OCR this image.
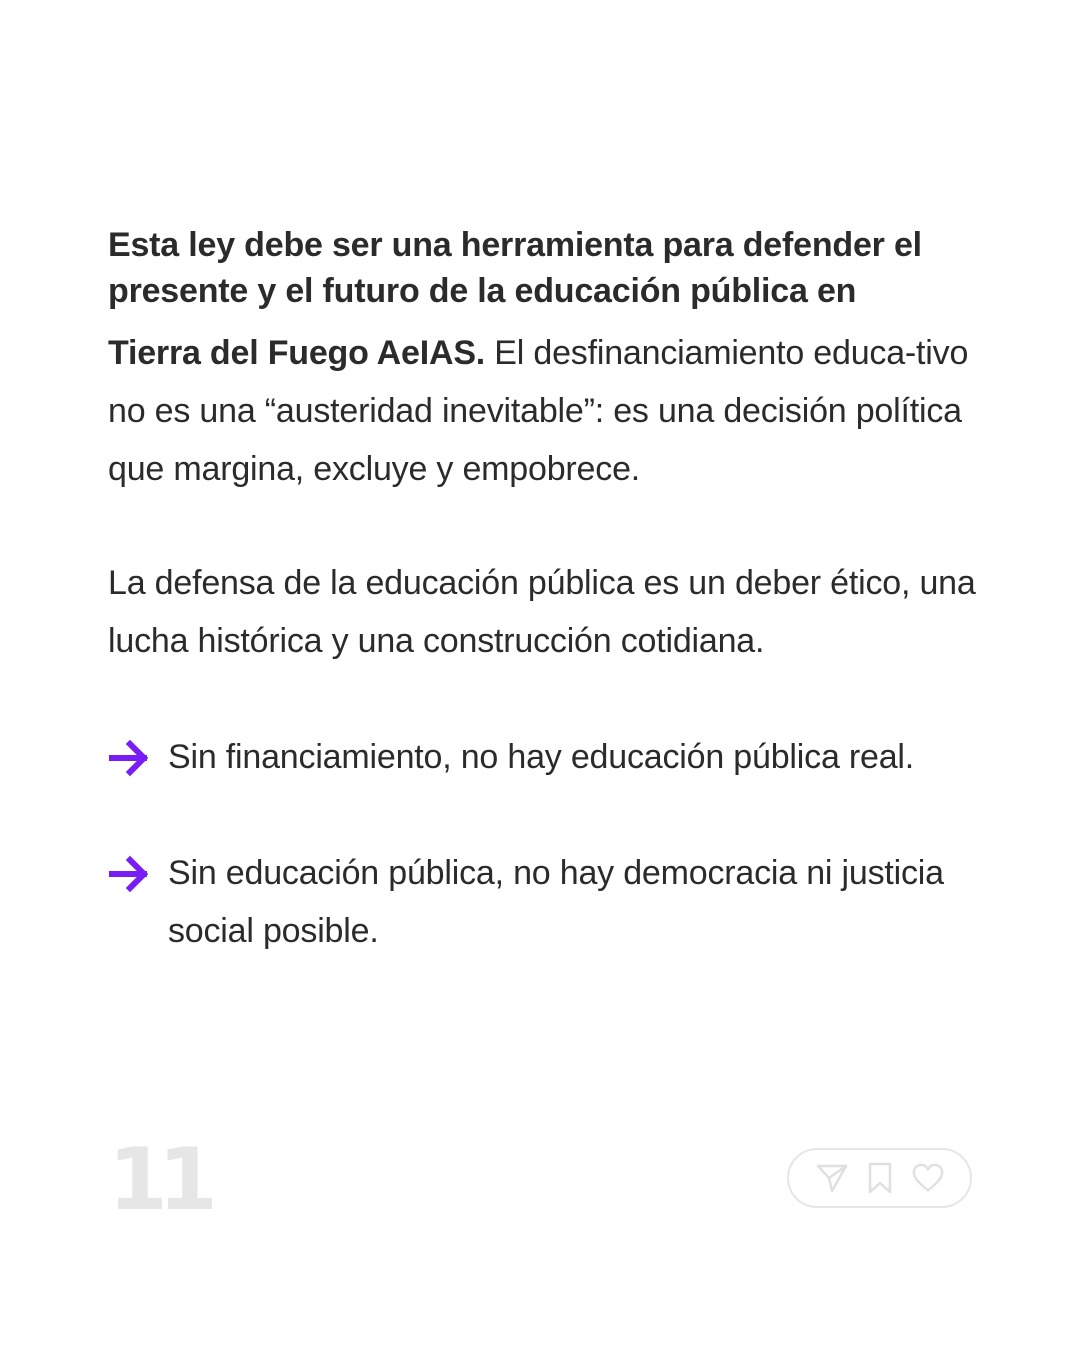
Esta ley debe ser una herramienta para defender el presente y el futuro de la educación pública en
Tierra del Fuego AeIAS. El desfinanciamiento educa-tivo no es una “austeridad inevitable”: es una decisión política que margina, excluye y empobrece.

La defensa de la educación pública es un deber ético, una lucha histórica y una construcción cotidiana.

Sin financiamiento, no hay educación pública real.
Sin educación pública, no hay democracia ni justicia social posible.
11
